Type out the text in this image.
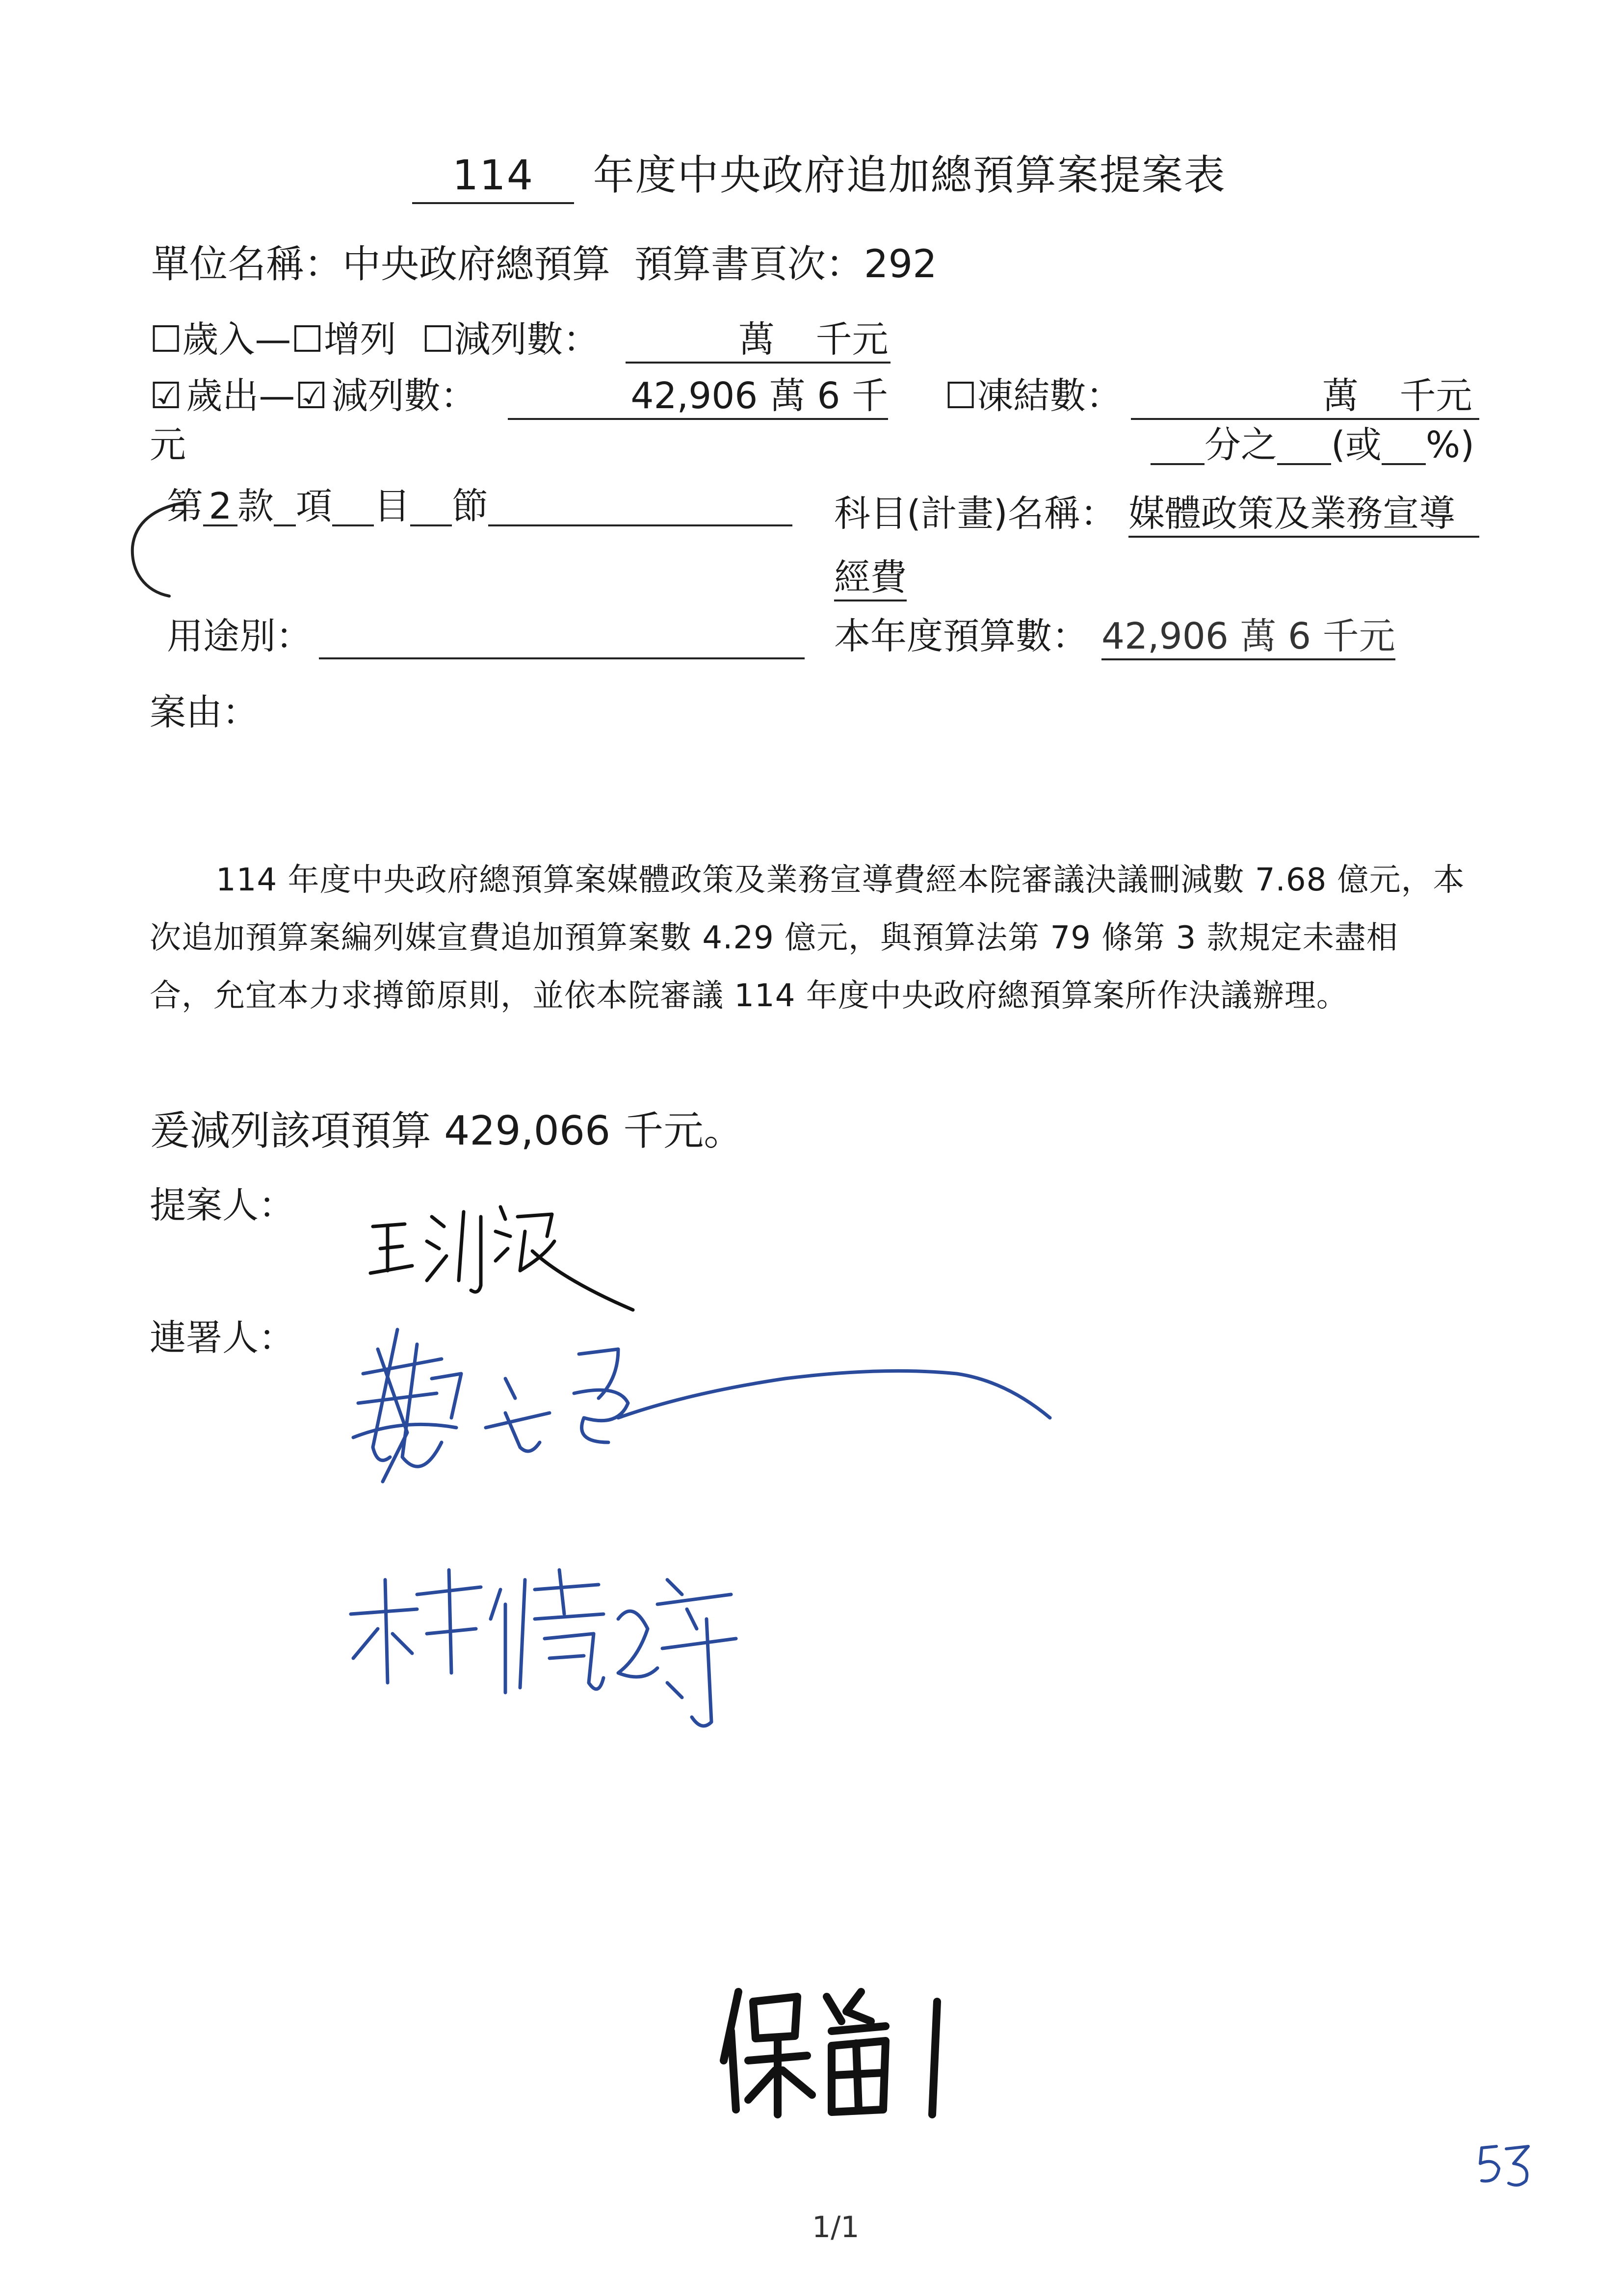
114 年度中央政府追加總預算案提案表
單位名稱：中央政府總預算 預算書頁次：292
☐歲入—☐增列 ☐減列數：	萬 千元
☑ 歲出—☑ 減列數：	42,906 萬 6 千
元
☐凍結數：	萬 千元
分之 (或 %)
第 2 款 項 目 節	科目(計畫)名稱： 媒體政策及業務宣導
經費
用途別：	本年度預算數： 42,906 萬 6 千元
案由：
114 年度中央政府總預算案媒體政策及業務宣導費經本院審議決議刪減數 7.68 億元，本
次追加預算案編列媒宣費追加預算案數 4.29 億元，與預算法第 79 條第 3 款規定未盡相
合，允宜本力求撙節原則，並依本院審議 114 年度中央政府總預算案所作決議辦理。
爰減列該項預算 429,066 千元。
提案人：
連署人：
1/1
